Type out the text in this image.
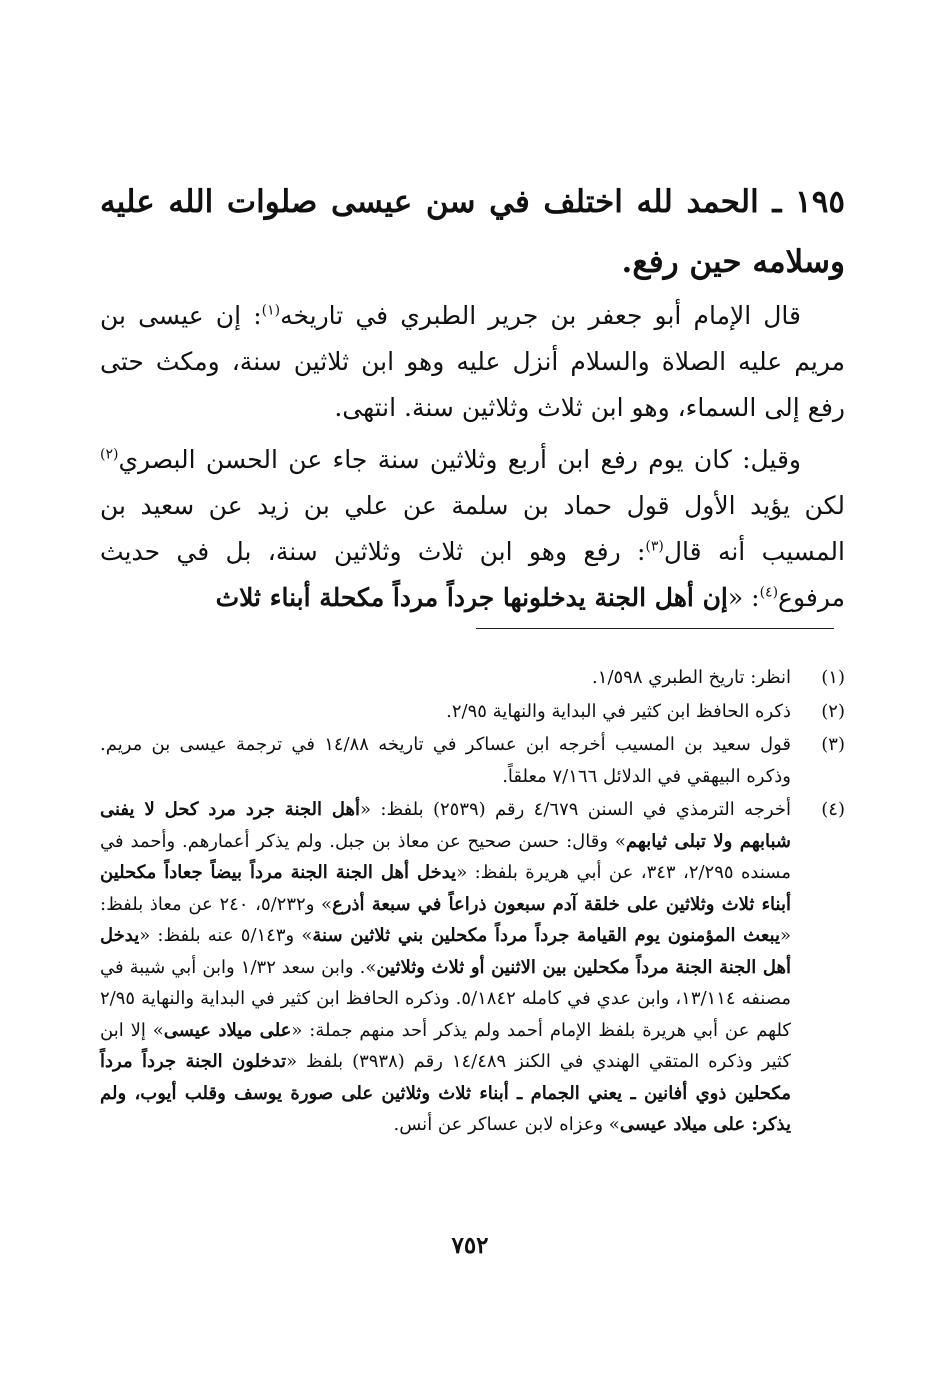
١٩٥ ـ الحمد لله اختلف في سن عيسى صلوات الله عليه وسلامه حين رفع.

قال الإمام أبو جعفر بن جرير الطبري في تاريخه$^{(١)}$: إن عيسى بن مريم عليه الصلاة والسلام أنزل عليه وهو ابن ثلاثين سنة، ومكث حتى رفع إلى السماء، وهو ابن ثلاث وثلاثين سنة. انتهى.

وقيل: كان يوم رفع ابن أربع وثلاثين سنة جاء عن الحسن البصري$^{(٢)}$ لكن يؤيد الأول قول حماد بن سلمة عن علي بن زيد عن سعيد بن المسيب أنه قال$^{(٣)}$: رفع وهو ابن ثلاث وثلاثين سنة، بل في حديث مرفوع$^{(٤)}$: «إن أهل الجنة يدخلونها جرداً مرداً مكحلة أبناء ثلاث

(١)
انظر: تاريخ الطبري ١/٥٩٨.
(٢)
ذكره الحافظ ابن كثير في البداية والنهاية ٢/٩٥.
(٣)
قول سعيد بن المسيب أخرجه ابن عساكر في تاريخه ١٤/٨٨ في ترجمة عيسى بن مريم. وذكره البيهقي في الدلائل ٧/١٦٦ معلقاً.
(٤)
أخرجه الترمذي في السنن ٤/٦٧٩ رقم (٢٥٣٩) بلفظ: «أهل الجنة جرد مرد كحل لا يفنى شبابهم ولا تبلى ثيابهم» وقال: حسن صحيح عن معاذ بن جبل. ولم يذكر أعمارهم. وأحمد في مسنده ٢/٢٩٥، ٣٤٣، عن أبي هريرة بلفظ: «يدخل أهل الجنة الجنة مرداً بيضاً جعاداً مكحلين أبناء ثلاث وثلاثين على خلقة آدم سبعون ذراعاً في سبعة أذرع» و٥/٢٣٢، ٢٤٠ عن معاذ بلفظ: «يبعث المؤمنون يوم القيامة جرداً مرداً مكحلين بني ثلاثين سنة» و٥/١٤٣ عنه بلفظ: «يدخل أهل الجنة الجنة مرداً مكحلين بين الاثنين أو ثلاث وثلاثين». وابن سعد ١/٣٢ وابن أبي شيبة في مصنفه ١٣/١١٤، وابن عدي في كامله ٥/١٨٤٢. وذكره الحافظ ابن كثير في البداية والنهاية ٢/٩٥ كلهم عن أبي هريرة بلفظ الإمام أحمد ولم يذكر أحد منهم جملة: «على ميلاد عيسى» إلا ابن كثير وذكره المتقي الهندي في الكنز ١٤/٤٨٩ رقم (٣٩٣٨) بلفظ «تدخلون الجنة جرداً مرداً مكحلين ذوي أفانين ـ يعني الجمام ـ أبناء ثلاث وثلاثين على صورة يوسف وقلب أيوب، ولم يذكر: على ميلاد عيسى» وعزاه لابن عساكر عن أنس.
٧٥٢
